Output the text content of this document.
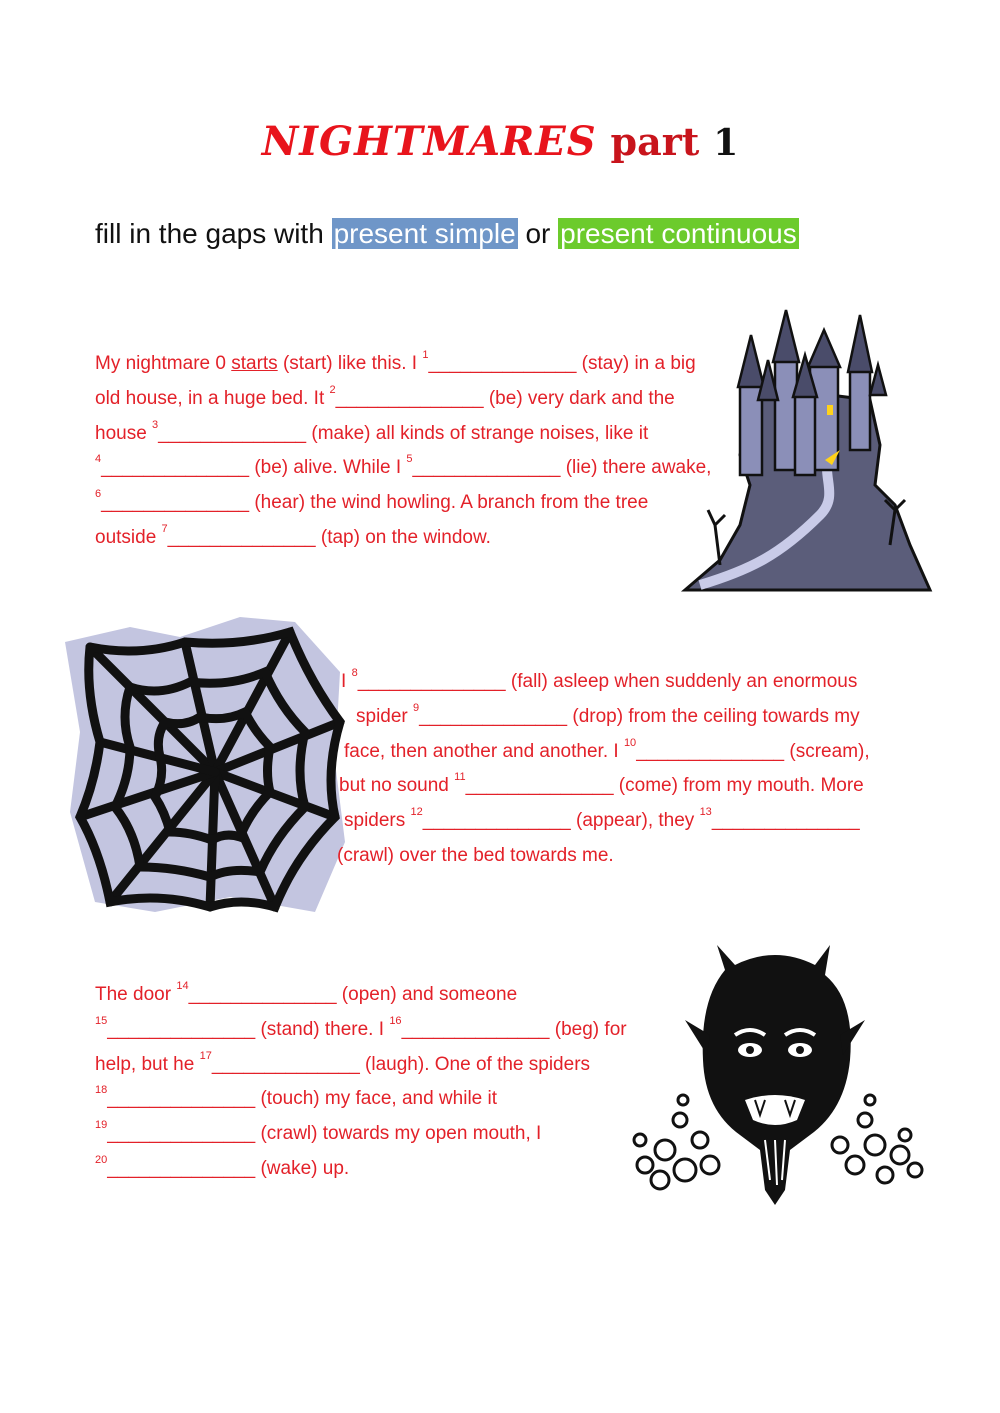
NIGHTMARES part 1
fill in the gaps with present simple or present continuous
My nightmare 0 starts (start) like this. I $^1$______________ (stay) in a big
old house, in a huge bed. It $^2$______________ (be) very dark and the
house $^3$______________ (make) all kinds of strange noises, like it
$^4$______________ (be) alive. While I $^5$______________ (lie) there awake,
$^6$______________ (hear) the wind howling. A branch from the tree
outside $^7$______________ (tap) on the window.
I $^8$______________ (fall) asleep when suddenly an enormous
spider $^9$______________ (drop) from the ceiling towards my
face, then another and another. I $^{10}$______________ (scream),
but no sound $^{11}$______________ (come) from my mouth. More
spiders $^{12}$______________ (appear), they $^{13}$______________
(crawl) over the bed towards me.
The door $^{14}$______________ (open) and someone
$^{15}$______________ (stand) there. I $^{16}$______________ (beg) for
help, but he $^{17}$______________ (laugh). One of the spiders
$^{18}$______________ (touch) my face, and while it
$^{19}$______________ (crawl) towards my open mouth, I
$^{20}$______________ (wake) up.
